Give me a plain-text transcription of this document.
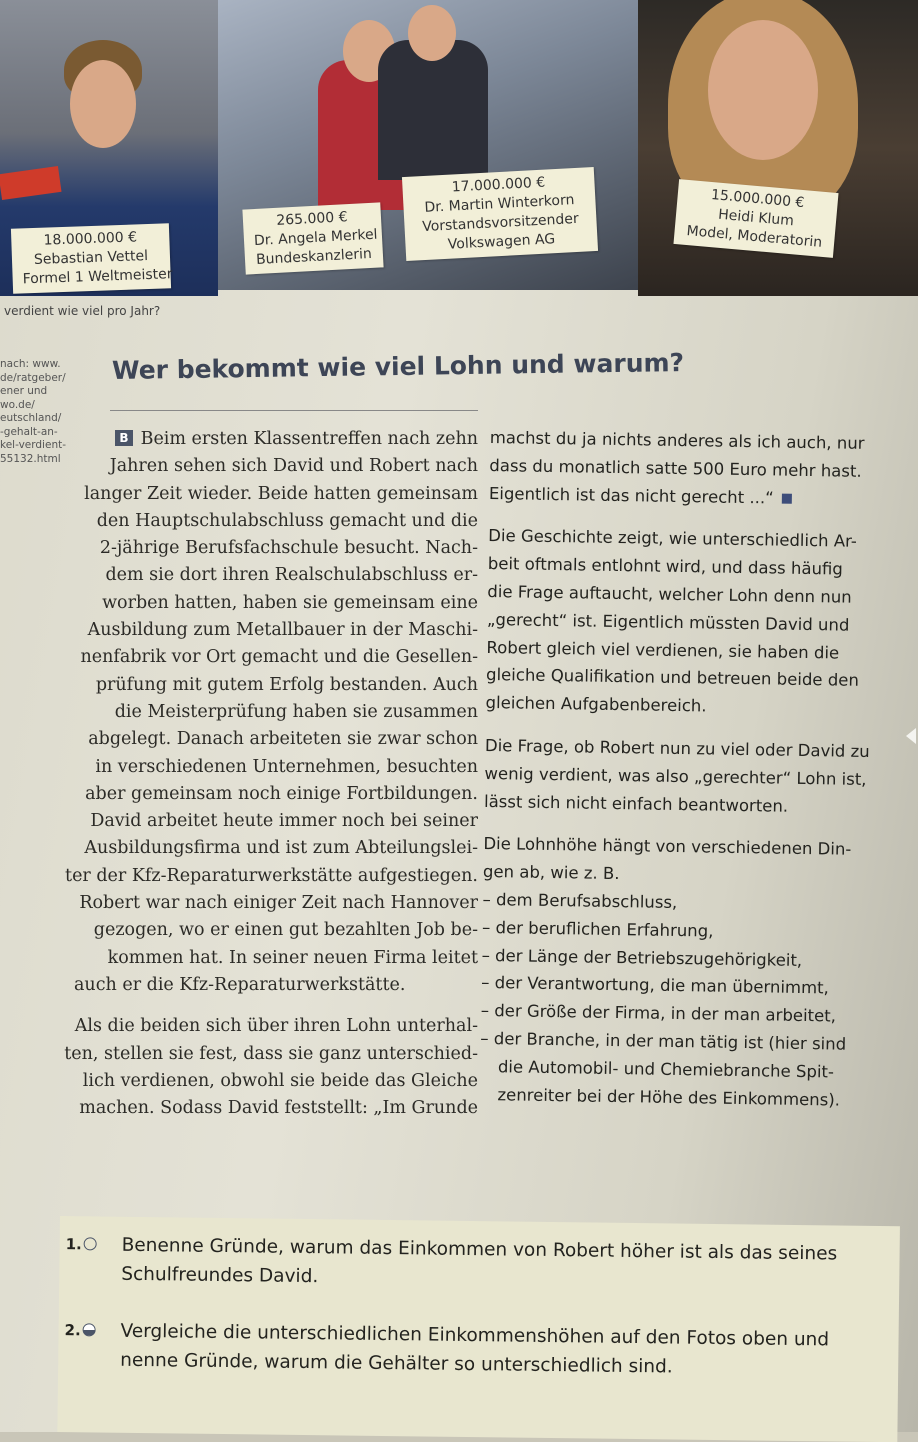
18.000.000 €
Sebastian Vettel
Formel 1 Weltmeister
265.000 €
Dr. Angela Merkel
Bundeskanzlerin
17.000.000 €
Dr. Martin Winterkorn
Vorstandsvorsitzender
Volkswagen AG
15.000.000 €
Heidi Klum
Model, Moderatorin
verdient wie viel pro Jahr?
nach: www.
de/ratgeber/
ener und
wo.de/
eutschland/
-gehalt-an-
kel-verdient-
55132.html
Wer bekommt wie viel Lohn und warum?
B Beim ersten Klassentreffen nach zehn
Jahren sehen sich David und Robert nach
langer Zeit wieder. Beide hatten gemeinsam
den Hauptschulabschluss gemacht und die
2-jährige Berufsfachschule besucht. Nach-
dem sie dort ihren Realschulabschluss er-
worben hatten, haben sie gemeinsam eine
Ausbildung zum Metallbauer in der Maschi-
nenfabrik vor Ort gemacht und die Gesellen-
prüfung mit gutem Erfolg bestanden. Auch
die Meisterprüfung haben sie zusammen
abgelegt. Danach arbeiteten sie zwar schon
in verschiedenen Unternehmen, besuchten
aber gemeinsam noch einige Fortbildungen.
David arbeitet heute immer noch bei seiner
Ausbildungsfirma und ist zum Abteilungslei-
ter der Kfz-Reparaturwerkstätte aufgestiegen.
Robert war nach einiger Zeit nach Hannover
gezogen, wo er einen gut bezahlten Job be-
kommen hat. In seiner neuen Firma leitet
auch er die Kfz-Reparaturwerkstätte.
Als die beiden sich über ihren Lohn unterhal-
ten, stellen sie fest, dass sie ganz unterschied-
lich verdienen, obwohl sie beide das Gleiche
machen. Sodass David feststellt: „Im Grunde
machst du ja nichts anderes als ich auch, nur
dass du monatlich satte 500 Euro mehr hast.
Eigentlich ist das nicht gerecht ...“
Die Geschichte zeigt, wie unterschiedlich Ar-
beit oftmals entlohnt wird, und dass häufig
die Frage auftaucht, welcher Lohn denn nun
„gerecht“ ist. Eigentlich müssten David und
Robert gleich viel verdienen, sie haben die
gleiche Qualifikation und betreuen beide den
gleichen Aufgabenbereich.
Die Frage, ob Robert nun zu viel oder David zu
wenig verdient, was also „gerechter“ Lohn ist,
lässt sich nicht einfach beantworten.
Die Lohnhöhe hängt von verschiedenen Din-
gen ab, wie z. B.
– dem Berufsabschluss,
– der beruflichen Erfahrung,
– der Länge der Betriebszugehörigkeit,
– der Verantwortung, die man übernimmt,
– der Größe der Firma, in der man arbeitet,
– der Branche, in der man tätig ist (hier sind
die Automobil- und Chemiebranche Spit-
zenreiter bei der Höhe des Einkommens).
1. Benenne Gründe, warum das Einkommen von Robert höher ist als das seines
Schulfreundes David.
2. Vergleiche die unterschiedlichen Einkommenshöhen auf den Fotos oben und
nenne Gründe, warum die Gehälter so unterschiedlich sind.
